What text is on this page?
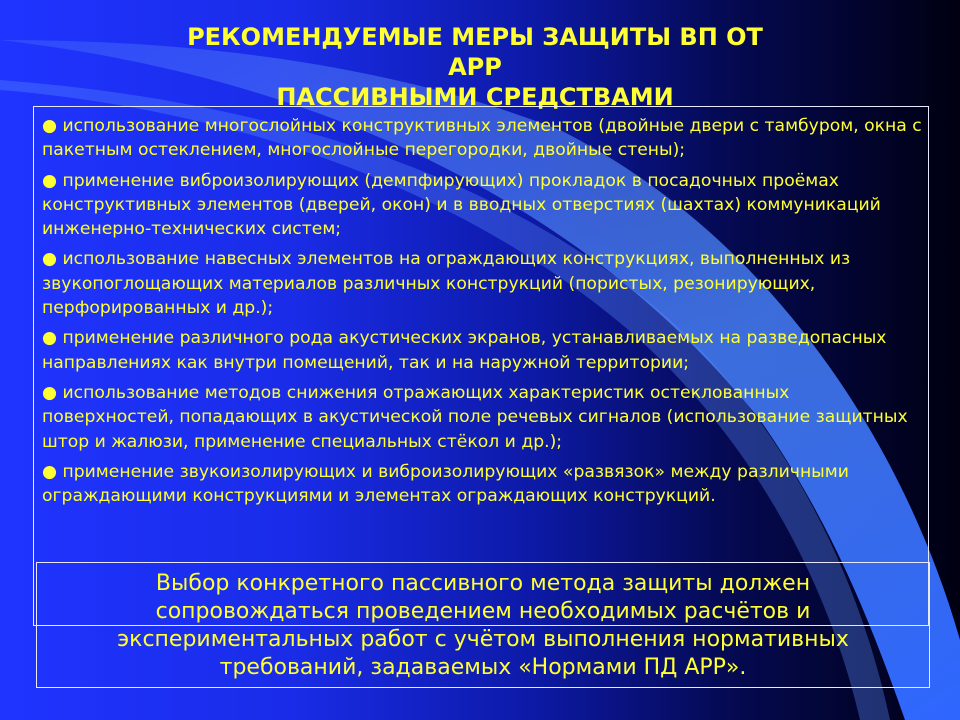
РЕКОМЕНДУЕМЫЕ МЕРЫ ЗАЩИТЫ ВП ОТ
АРР
ПАССИВНЫМИ СРЕДСТВАМИ
● использование многослойных конструктивных элементов (двойные двери с тамбуром, окна с пакетным остеклением, многослойные перегородки, двойные стены);
● применение виброизолирующих (демпфирующих) прокладок в посадочных проёмах конструктивных элементов (дверей, окон) и в вводных отверстиях (шахтах) коммуникаций инженерно-технических систем;
● использование навесных элементов на ограждающих конструкциях, выполненных из звукопоглощающих материалов различных конструкций (пористых, резонирующих, перфорированных и др.);
● применение различного рода акустических экранов, устанавливаемых на разведопасных направлениях как внутри помещений, так и на наружной территории;
● использование методов снижения отражающих характеристик остеклованных поверхностей, попадающих в акустической поле речевых сигналов (использование защитных штор и жалюзи, применение специальных стёкол и др.);
● применение звукоизолирующих и виброизолирующих «развязок» между различными ограждающими конструкциями и элементах ограждающих конструкций.

Выбор конкретного пассивного метода защиты должен сопровождаться проведением необходимых расчётов и экспериментальных работ с учётом выполнения нормативных требований, задаваемых «Нормами ПД АРР».
